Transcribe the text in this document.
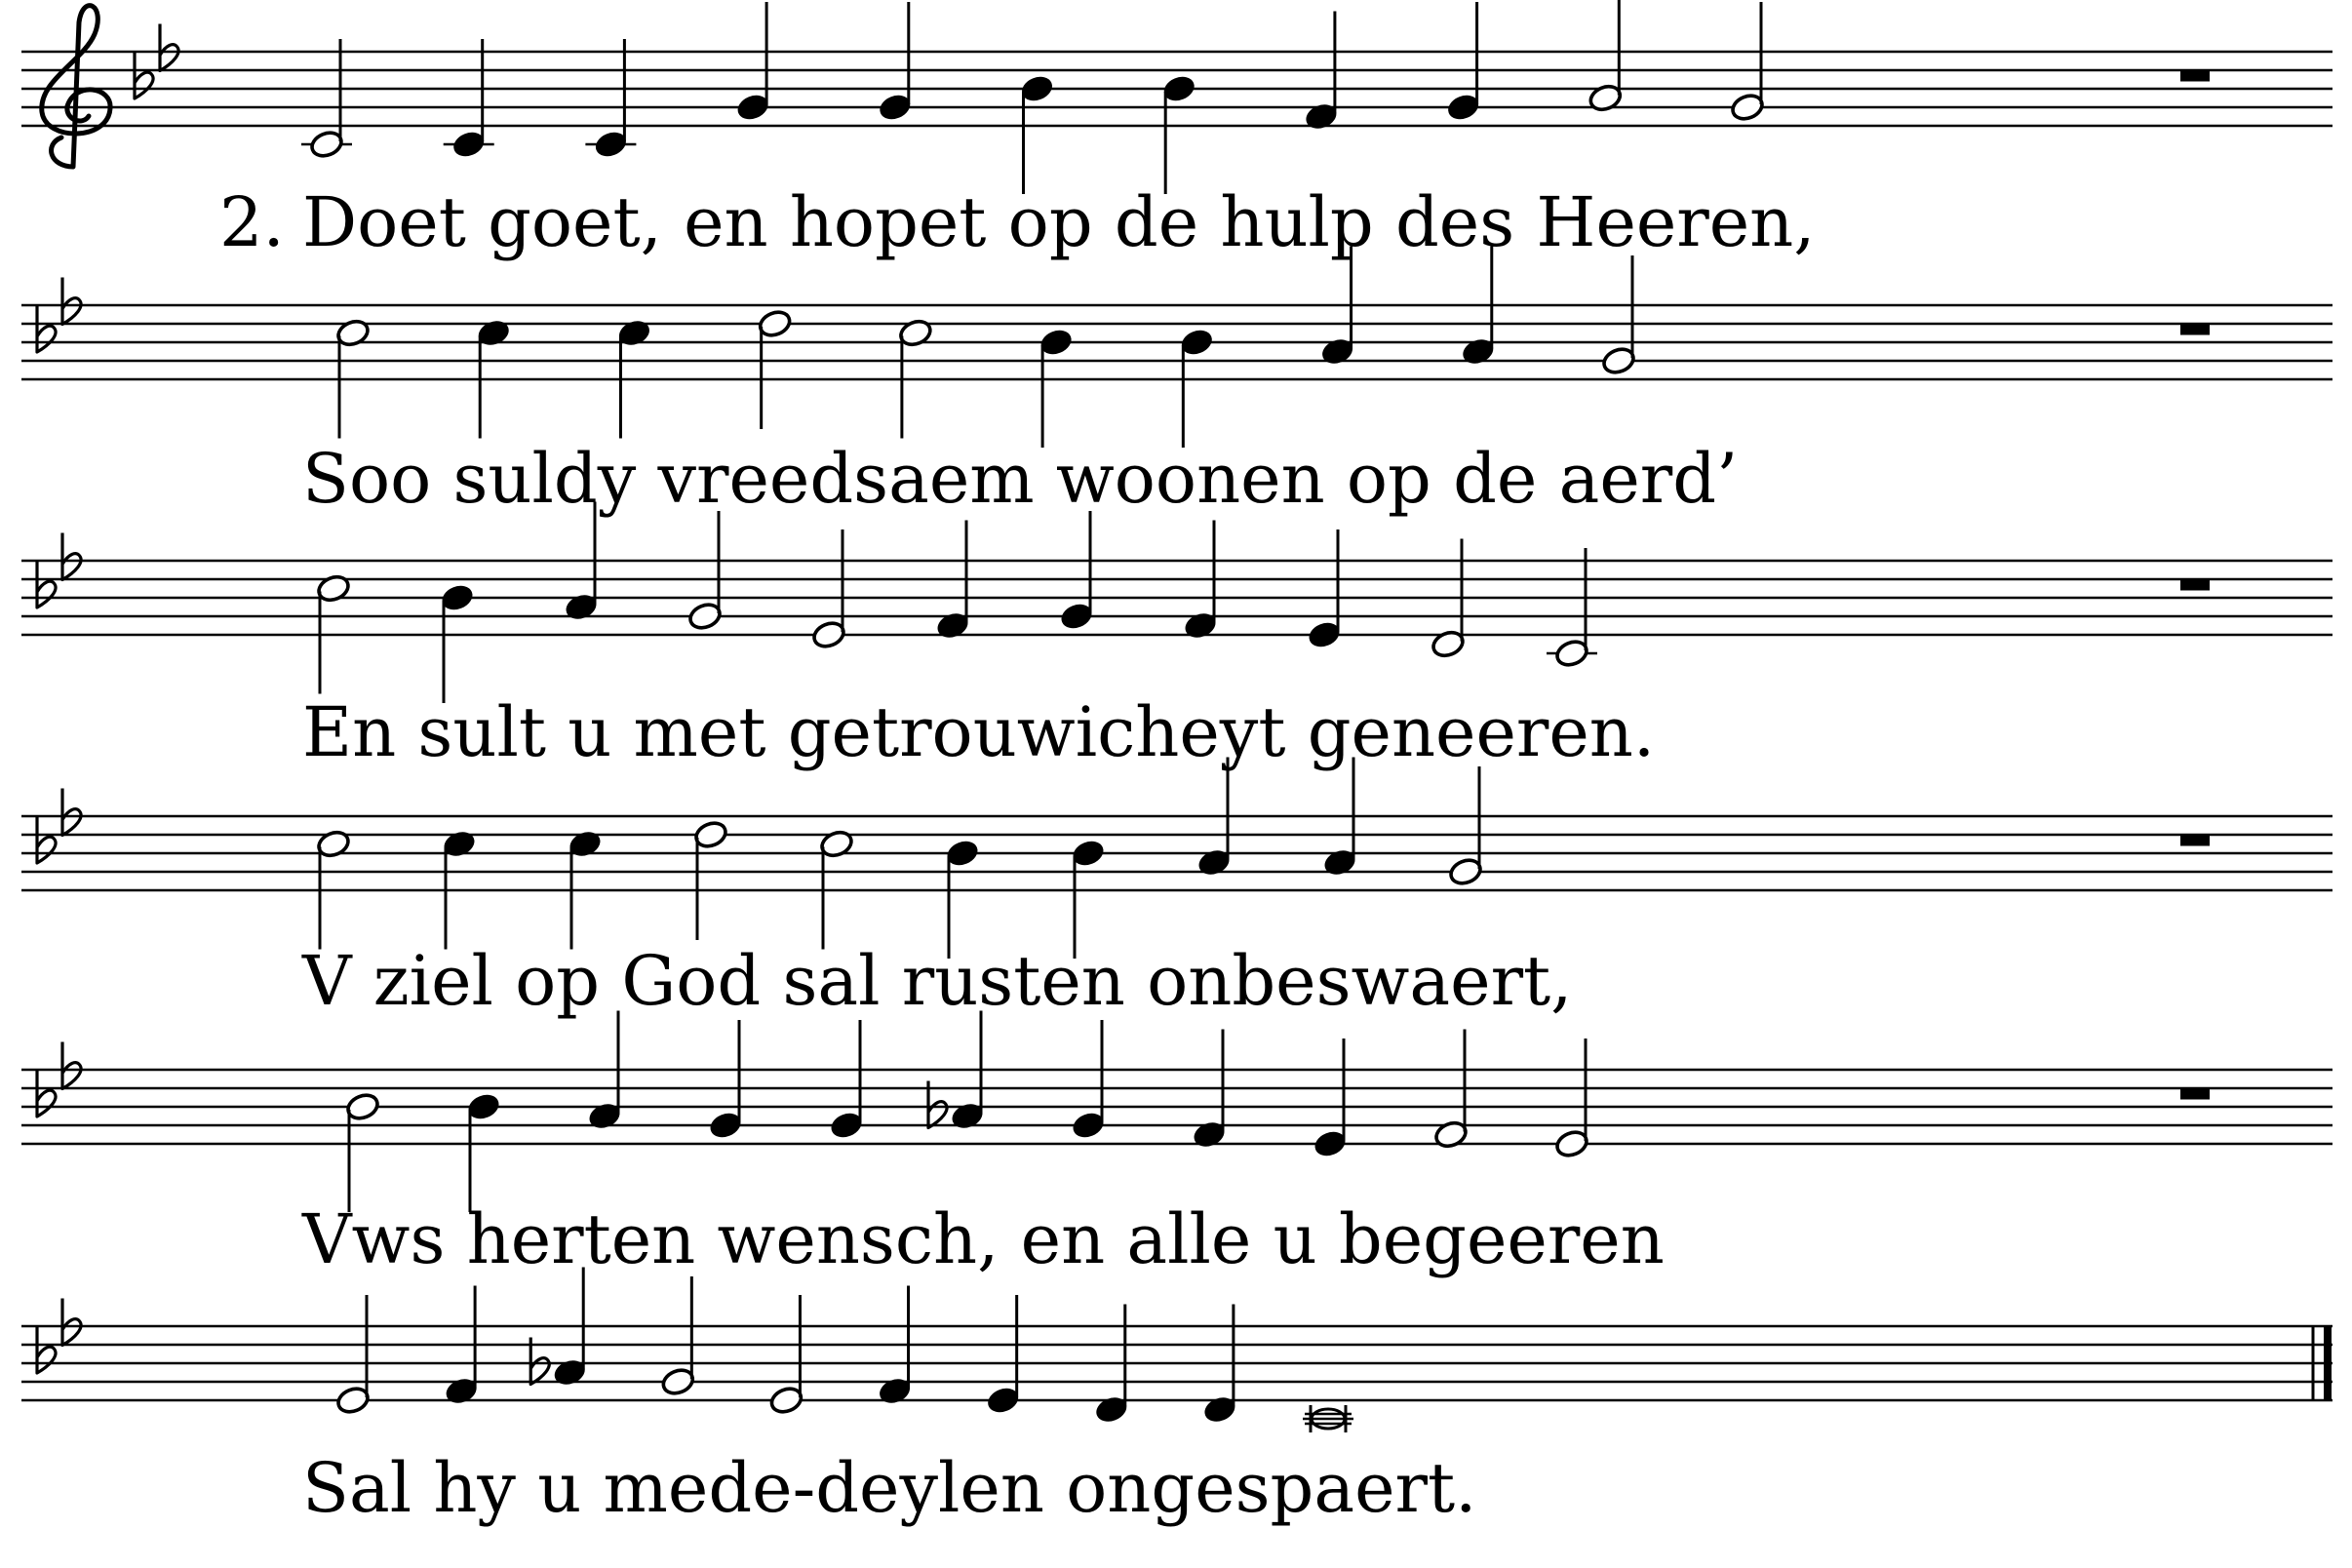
2. Doet goet, en hopet op de hulp des Heeren,
Soo suldy vreedsaem woonen op de aerd’
En sult u met getrouwicheyt geneeren.
V ziel op God sal rusten onbeswaert,
Vws herten wensch, en alle u begeeren
Sal hy u mede-deylen ongespaert.
